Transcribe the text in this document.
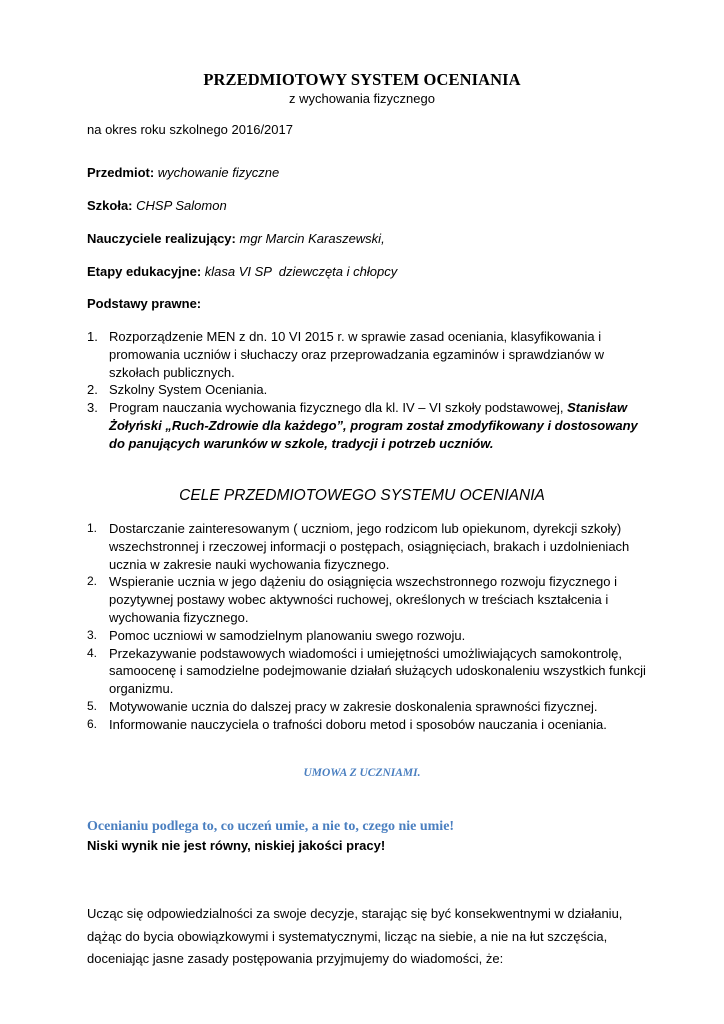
PRZEDMIOTOWY SYSTEM OCENIANIA
z wychowania fizycznego
na okres roku szkolnego 2016/2017
Przedmiot: wychowanie fizyczne
Szkoła: CHSP Salomon
Nauczyciele realizujący: mgr Marcin Karaszewski,
Etapy edukacyjne: klasa VI SP  dziewczęta i chłopcy
Podstawy prawne:
1. Rozporządzenie MEN z dn. 10 VI 2015 r. w sprawie zasad oceniania, klasyfikowania i promowania uczniów i słuchaczy oraz przeprowadzania egzaminów i sprawdzianów w szkołach publicznych.
2. Szkolny System Oceniania.
3. Program nauczania wychowania fizycznego dla kl. IV – VI szkoły podstawowej, Stanisław Żołyński „Ruch-Zdrowie dla każdego”, program został zmodyfikowany i dostosowany do panujących warunków w szkole, tradycji i potrzeb uczniów.
CELE PRZEDMIOTOWEGO SYSTEMU OCENIANIA
1. Dostarczanie zainteresowanym ( uczniom, jego rodzicom lub opiekunom, dyrekcji szkoły) wszechstronnej i rzeczowej informacji o postępach, osiągnięciach, brakach i uzdolnieniach ucznia w zakresie nauki wychowania fizycznego.
2. Wspieranie ucznia w jego dążeniu do osiągnięcia wszechstronnego rozwoju fizycznego i pozytywnej postawy wobec aktywności ruchowej, określonych w treściach kształcenia i wychowania fizycznego.
3. Pomoc uczniowi w samodzielnym planowaniu swego rozwoju.
4. Przekazywanie podstawowych wiadomości i umiejętności umożliwiających samokontrolę, samoocenę i samodzielne podejmowanie działań służących udoskonaleniu wszystkich funkcji organizmu.
5. Motywowanie ucznia do dalszej pracy w zakresie doskonalenia sprawności fizycznej.
6. Informowanie nauczyciela o trafności doboru metod i sposobów nauczania i oceniania.
UMOWA Z UCZNIAMI.
Ocenianiu podlega to, co uczeń umie, a nie to, czego nie umie!
Niski wynik nie jest równy, niskiej jakości pracy!

Ucząc się odpowiedzialności za swoje decyzje, starając się być konsekwentnymi w działaniu, dążąc do bycia obowiązkowymi i systematycznymi, licząc na siebie, a nie na łut szczęścia, doceniając jasne zasady postępowania przyjmujemy do wiadomości, że:
